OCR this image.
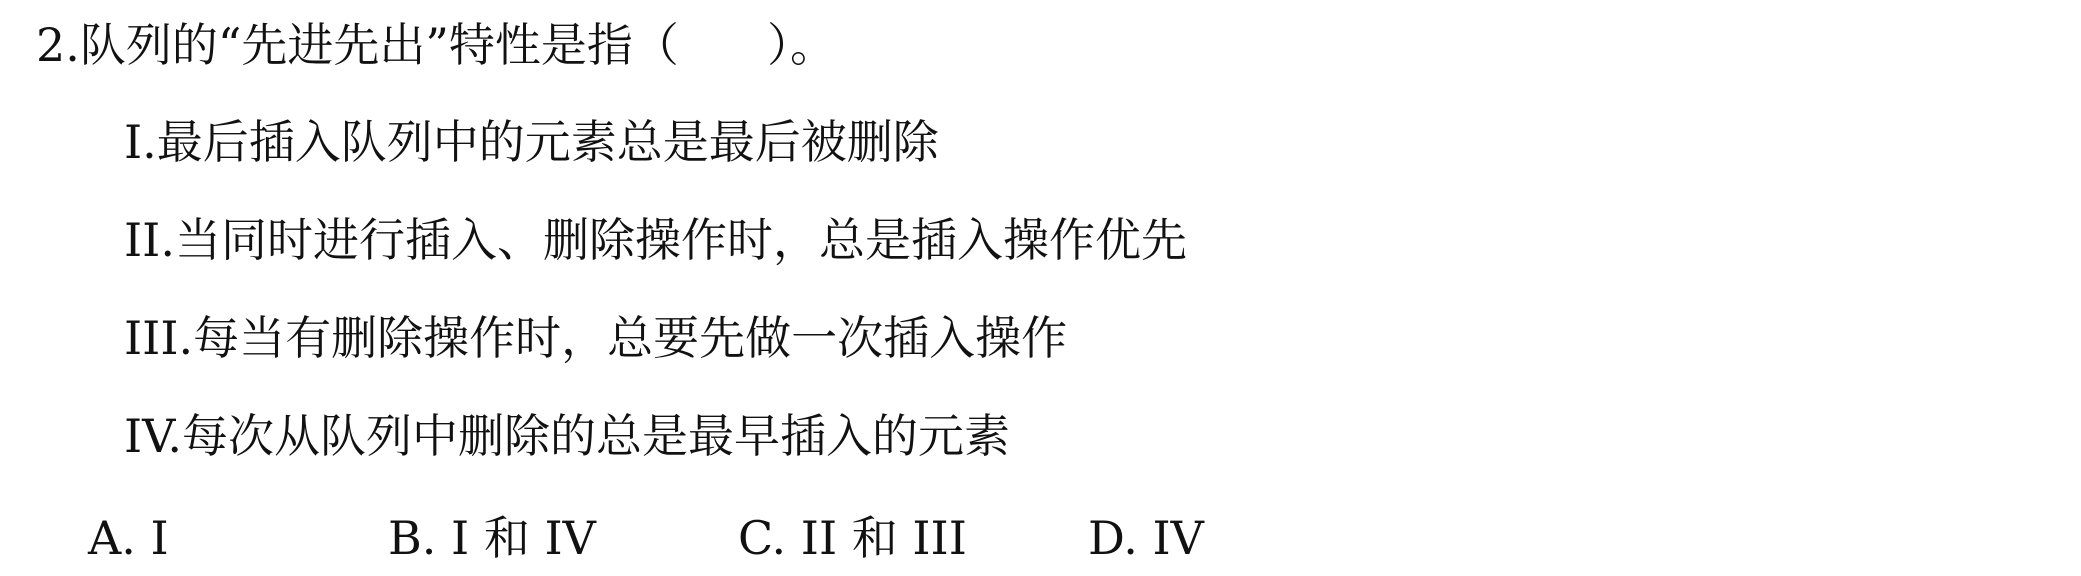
2.队列的“先进先出”特性是指（ ）。
I.最后插入队列中的元素总是最后被删除
II.当同时进行插入、删除操作时，总是插入操作优先
III.每当有删除操作时，总要先做一次插入操作
IV.每次从队列中删除的总是最早插入的元素
A. I	B. I 和 IV	C. II 和 III	D. IV
